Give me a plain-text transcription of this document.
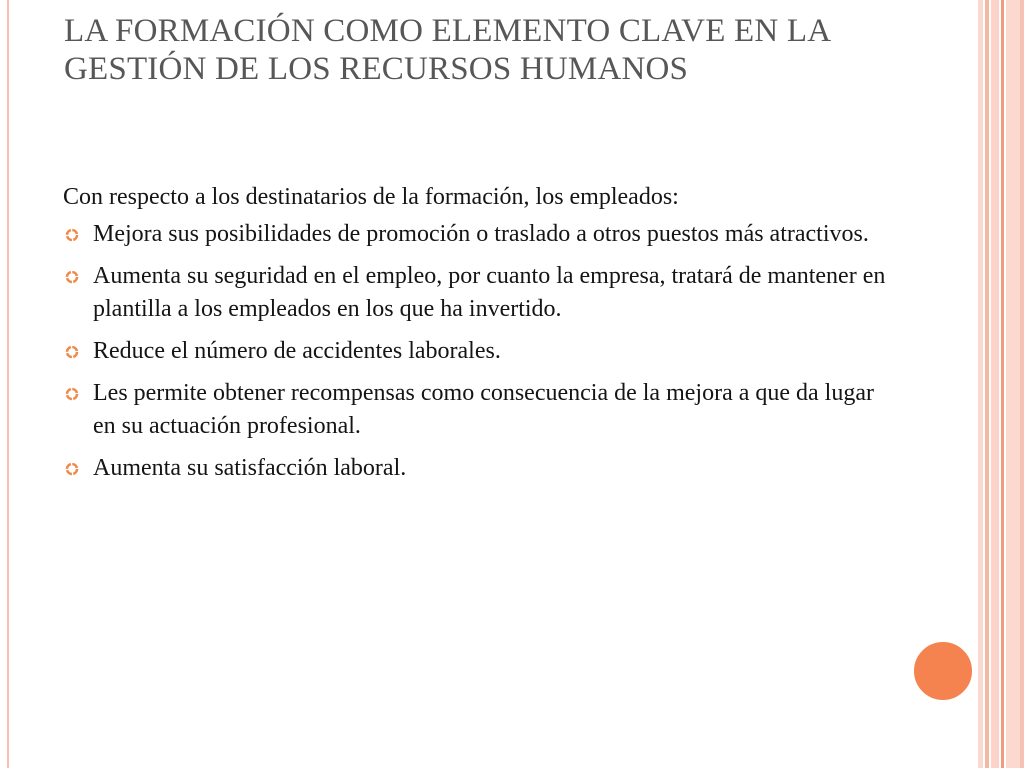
LA FORMACIÓN COMO ELEMENTO CLAVE EN LA GESTIÓN DE LOS RECURSOS HUMANOS

Con respecto a los destinatarios de la formación, los empleados:

Mejora sus posibilidades de promoción o traslado a otros puestos más atractivos.
Aumenta su seguridad en el empleo, por cuanto la empresa, tratará de mantener en plantilla a los empleados en los que ha invertido.
Reduce el número de accidentes laborales.
Les permite obtener recompensas como consecuencia de la mejora a que da lugar en su actuación profesional.
Aumenta su satisfacción laboral.
